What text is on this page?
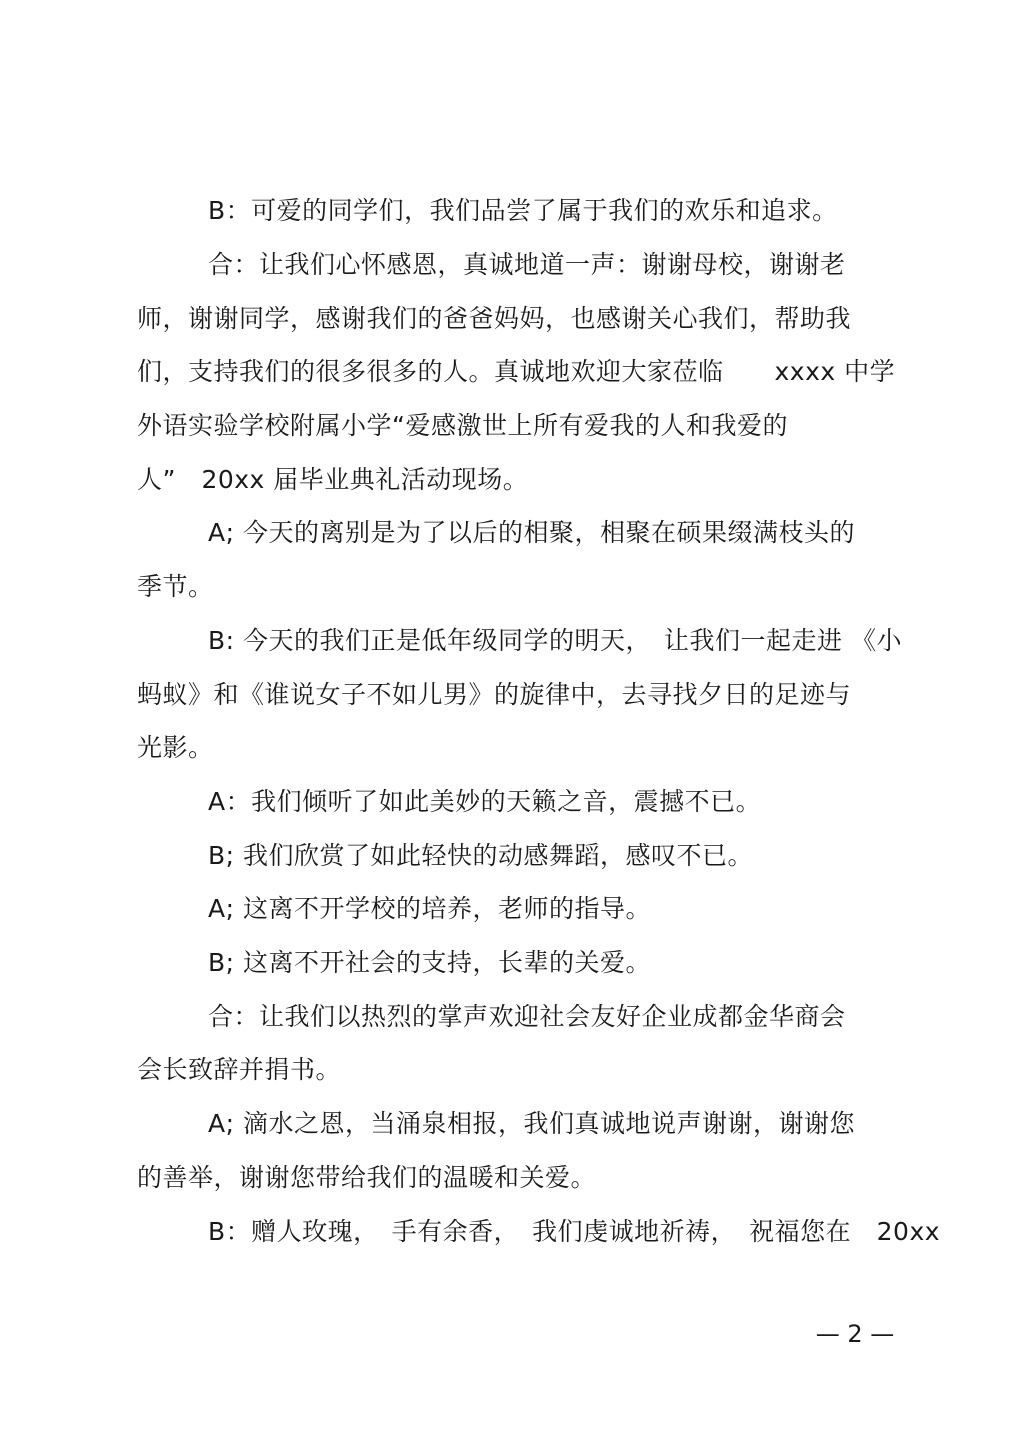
B：可爱的同学们，我们品尝了属于我们的欢乐和追求。
合：让我们心怀感恩，真诚地道一声：谢谢母校，谢谢老
师，谢谢同学，感谢我们的爸爸妈妈，也感谢关心我们，帮助我
们，支持我们的很多很多的人。真诚地欢迎大家莅临　　xxxx 中学
外语实验学校附属小学“爱感激世上所有爱我的人和我爱的
人”　20xx 届毕业典礼活动现场。
A; 今天的离别是为了以后的相聚，相聚在硕果缀满枝头的
季节。
B: 今天的我们正是低年级同学的明天，　让我们一起走进 《小
蚂蚁》和《谁说女子不如儿男》的旋律中，去寻找夕日的足迹与
光影。
A：我们倾听了如此美妙的天籁之音，震撼不已。
B; 我们欣赏了如此轻快的动感舞蹈，感叹不已。
A; 这离不开学校的培养，老师的指导。
B; 这离不开社会的支持，长辈的关爱。
合：让我们以热烈的掌声欢迎社会友好企业成都金华商会
会长致辞并捐书。
A; 滴水之恩，当涌泉相报，我们真诚地说声谢谢，谢谢您
的善举，谢谢您带给我们的温暖和关爱。
B：赠人玫瑰，　手有余香，　我们虔诚地祈祷，　祝福您在　20xx
— 2 —
